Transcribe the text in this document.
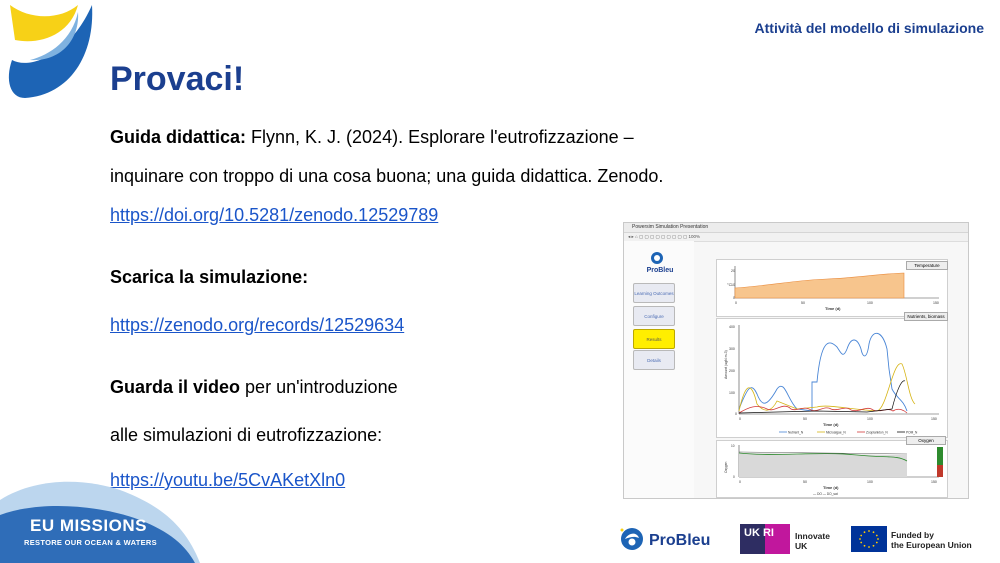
Attività del modello di simulazione
Provaci!
Guida didattica: Flynn, K. J. (2024). Esplorare l'eutrofizzazione –
inquinare con troppo di una cosa buona; una guida didattica. Zenodo.
https://doi.org/10.5281/zenodo.12529789
Scarica la simulazione:
https://zenodo.org/records/12529634
Guarda il video per un'introduzione
alle simulazioni di eutrofizzazione:
https://youtu.be/5CvAKetXln0
EU MISSIONS
RESTORE OUR OCEAN & WATERS
Powersim Simulation Presentation
◂ ▸ ⌂ ▢ ▢ ▢ ▢ ▢ ▢ ▢ ▢ ▢ 100%
ProBleu
Learning Outcomes
Configure
Results
Details
°C
20
10
0
0	50	100	150
Time (d)
Temperature
Amount (ugN m-3)
400
300
200
100
0
0	50	100	150
Time (d)
Nutrient_N	Microalgae_N	Zooplankton_N	POM_N
Nutrients, biomass
Oxygen
10
0
0	50	100	150
Time (d)
— DO — DO_sat
Oxygen
ProBleu	UK RI Innovate
UK
Funded by
the European Union
